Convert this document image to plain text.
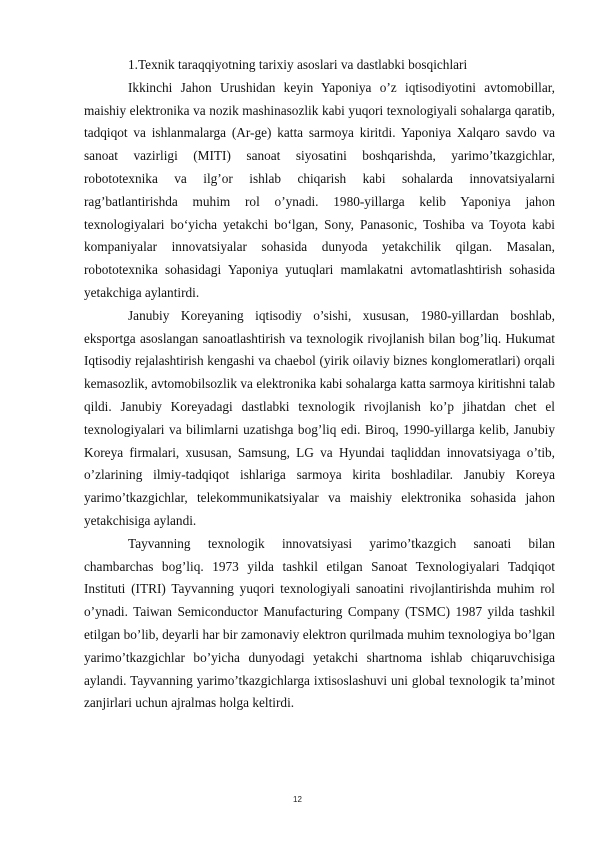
1.Texnik taraqqiyotning tarixiy asoslari va dastlabki bosqichlari

Ikkinchi Jahon Urushidan keyin Yaponiya o’z iqtisodiyotini avtomobillar, maishiy elektronika va nozik mashinasozlik kabi yuqori texnologiyali sohalarga qaratib, tadqiqot va ishlanmalarga (Ar-ge) katta sarmoya kiritdi. Yaponiya Xalqaro savdo va sanoat vazirligi (MITI) sanoat siyosatini boshqarishda, yarimo’tkazgichlar, robototexnika va ilg’or ishlab chiqarish kabi sohalarda innovatsiyalarni rag’batlantirishda muhim rol o’ynadi. 1980-yillarga kelib Yaponiya jahon texnologiyalari bo‘yicha yetakchi bo‘lgan, Sony, Panasonic, Toshiba va Toyota kabi kompaniyalar innovatsiyalar sohasida dunyoda yetakchilik qilgan. Masalan, robototexnika sohasidagi Yaponiya yutuqlari mamlakatni avtomatlashtirish sohasida yetakchiga aylantirdi.

Janubiy Koreyaning iqtisodiy o’sishi, xususan, 1980-yillardan boshlab, eksportga asoslangan sanoatlashtirish va texnologik rivojlanish bilan bog’liq. Hukumat Iqtisodiy rejalashtirish kengashi va chaebol (yirik oilaviy biznes konglomeratlari) orqali kemasozlik, avtomobilsozlik va elektronika kabi sohalarga katta sarmoya kiritishni talab qildi. Janubiy Koreyadagi dastlabki texnologik rivojlanish ko’p jihatdan chet el texnologiyalari va bilimlarni uzatishga bog’liq edi. Biroq, 1990-yillarga kelib, Janubiy Koreya firmalari, xususan, Samsung, LG va Hyundai taqliddan innovatsiyaga o’tib, o’zlarining ilmiy-tadqiqot ishlariga sarmoya kirita boshladilar. Janubiy Koreya yarimo’tkazgichlar, telekommunikatsiyalar va maishiy elektronika sohasida jahon yetakchisiga aylandi.

Tayvanning texnologik innovatsiyasi yarimo’tkazgich sanoati bilan chambarchas bog’liq. 1973 yilda tashkil etilgan Sanoat Texnologiyalari Tadqiqot Instituti (ITRI) Tayvanning yuqori texnologiyali sanoatini rivojlantirishda muhim rol o’ynadi. Taiwan Semiconductor Manufacturing Company (TSMC) 1987 yilda tashkil etilgan bo’lib, deyarli har bir zamonaviy elektron qurilmada muhim texnologiya bo’lgan yarimo’tkazgichlar bo’yicha dunyodagi yetakchi shartnoma ishlab chiqaruvchisiga aylandi. Tayvanning yarimo’tkazgichlarga ixtisoslashuvi uni global texnologik ta’minot zanjirlari uchun ajralmas holga keltirdi.

12
